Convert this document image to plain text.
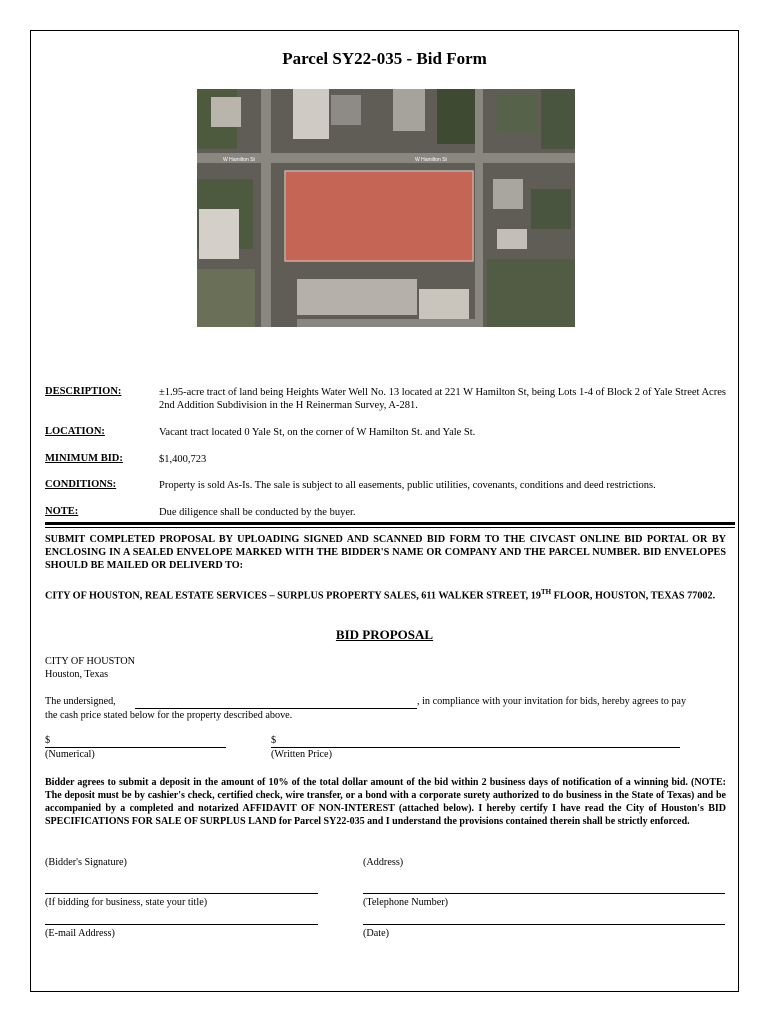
Parcel SY22-035 - Bid Form
W Hamilton St	W Hamilton St
DESCRIPTION:	±1.95-acre tract of land being Heights Water Well No. 13 located at 221 W Hamilton St, being Lots 1-4 of Block 2 of Yale Street Acres 2nd Addition Subdivision in the H Reinerman Survey, A-281.
LOCATION:	Vacant tract located 0 Yale St, on the corner of W Hamilton St. and Yale St.
MINIMUM BID:	$1,400,723
CONDITIONS:	Property is sold As-Is. The sale is subject to all easements, public utilities, covenants, conditions and deed restrictions.
NOTE:	Due diligence shall be conducted by the buyer.
SUBMIT COMPLETED PROPOSAL BY UPLOADING SIGNED AND SCANNED BID FORM TO THE CIVCAST ONLINE BID PORTAL OR BY ENCLOSING IN A SEALED ENVELOPE MARKED WITH THE BIDDER'S NAME OR COMPANY AND THE PARCEL NUMBER. BID ENVELOPES SHOULD BE MAILED OR DELIVERD TO:
CITY OF HOUSTON, REAL ESTATE SERVICES – SURPLUS PROPERTY SALES, 611 WALKER STREET, 19TH FLOOR, HOUSTON, TEXAS 77002.
BID PROPOSAL
CITY OF HOUSTON
Houston, Texas
The undersigned,	, in compliance with your invitation for bids, hereby agrees to pay
the cash price stated below for the property described above.
$	$
(Numerical)	(Written Price)
Bidder agrees to submit a deposit in the amount of 10% of the total dollar amount of the bid within 2 business days of notification of a winning bid. (NOTE: The deposit must be by cashier's check, certified check, wire transfer, or a bond with a corporate surety authorized to do business in the State of Texas) and be accompanied by a completed and notarized AFFIDAVIT OF NON-INTEREST (attached below). I hereby certify I have read the City of Houston's BID SPECIFICATIONS FOR SALE OF SURPLUS LAND for Parcel SY22-035 and I understand the provisions contained therein shall be strictly enforced.
(Bidder's Signature)	(Address)
(If bidding for business, state your title)	(Telephone Number)
(E-mail Address)	(Date)
